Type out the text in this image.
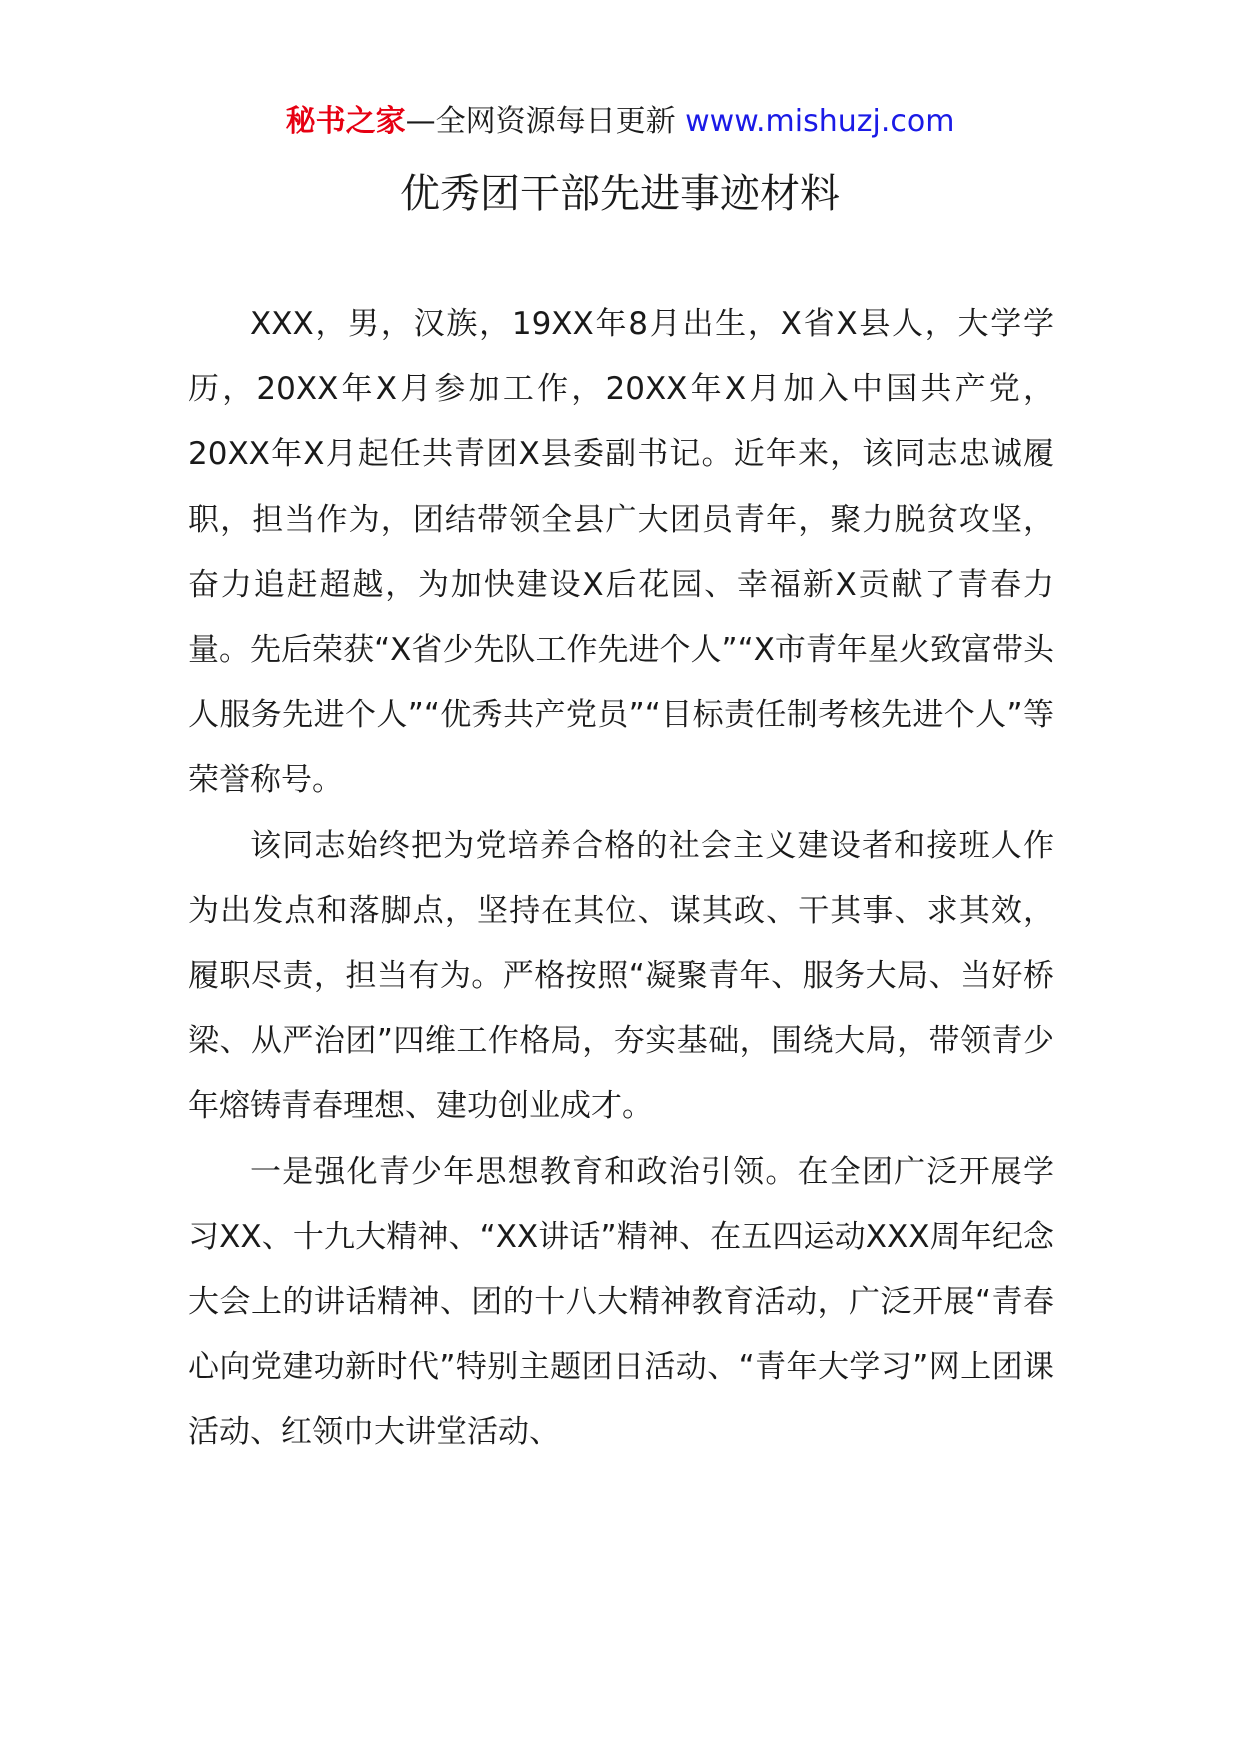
秘书之家—全网资源每日更新 www.mishuzj.com
优秀团干部先进事迹材料

XXX，男，汉族，19XX年8月出生，X省X县人，大学学历，20XX年X月参加工作，20XX年X月加入中国共产党，20XX年X月起任共青团X县委副书记。近年来，该同志忠诚履职，担当作为，团结带领全县广大团员青年，聚力脱贫攻坚，奋力追赶超越，为加快建设X后花园、幸福新X贡献了青春力量。先后荣获“X省少先队工作先进个人”“X市青年星火致富带头人服务先进个人”“优秀共产党员”“目标责任制考核先进个人”等荣誉称号。

该同志始终把为党培养合格的社会主义建设者和接班人作为出发点和落脚点，坚持在其位、谋其政、干其事、求其效，履职尽责，担当有为。严格按照“凝聚青年、服务大局、当好桥梁、从严治团”四维工作格局，夯实基础，围绕大局，带领青少年熔铸青春理想、建功创业成才。

一是强化青少年思想教育和政治引领。在全团广泛开展学习XX、十九大精神、“XX讲话”精神、在五四运动XXX周年纪念大会上的讲话精神、团的十八大精神教育活动，广泛开展“青春心向党建功新时代”特别主题团日活动、“青年大学习”网上团课活动、红领巾大讲堂活动、
